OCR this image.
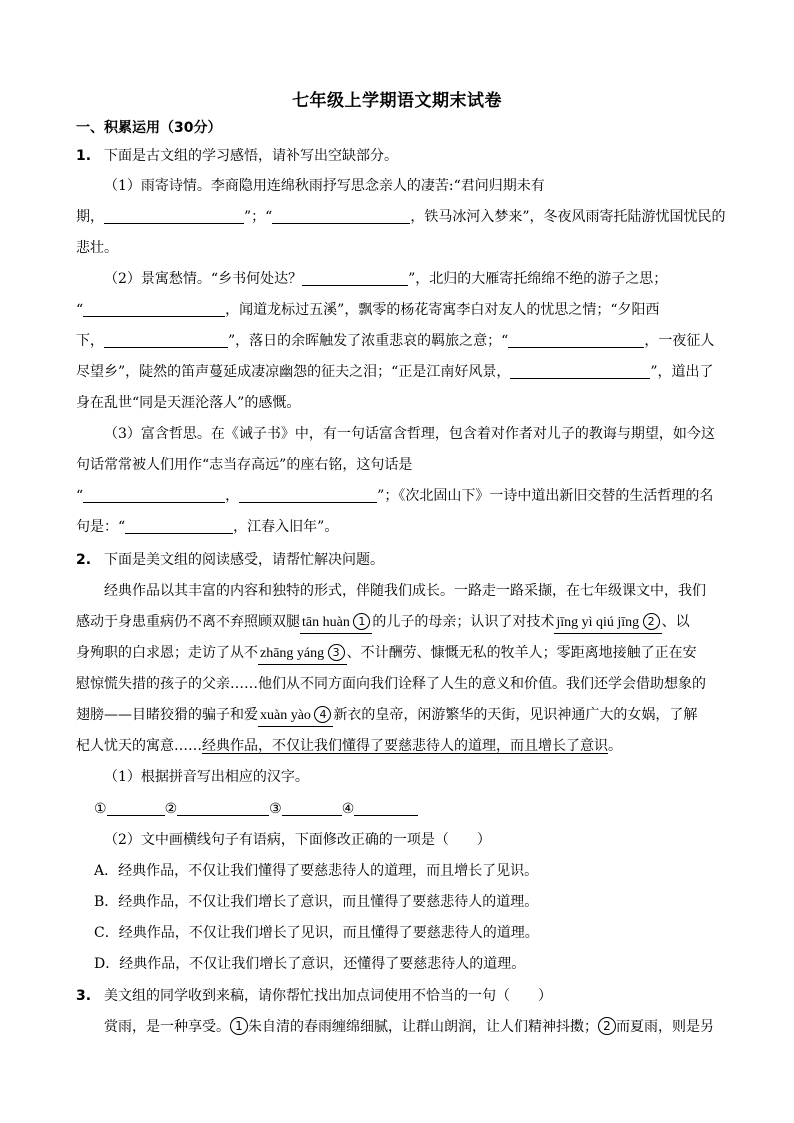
七年级上学期语文期末试卷
一、积累运用（30分）
1. 下面是古文组的学习感悟，请补写出空缺部分。
（1）雨寄诗情。李商隐用连绵秋雨抒写思念亲人的凄苦:“君问归期未有
期，	”；“	，铁马冰河入梦来”，冬夜风雨寄托陆游忧国忧民的
悲壮。
（2）景寓愁情。“乡书何处达？	”，北归的大雁寄托绵绵不绝的游子之思；
“	，闻道龙标过五溪”，飘零的杨花寄寓李白对友人的忧思之情；“夕阳西
下，	”，落日的余晖触发了浓重悲哀的羁旅之意；“	，一夜征人
尽望乡”，陡然的笛声蔓延成凄凉幽怨的征夫之泪；“正是江南好风景，	”，道出了
身在乱世“同是天涯沦落人”的感慨。
（3）富含哲思。在《诫子书》中，有一句话富含哲理，包含着对作者对儿子的教诲与期望，如今这
句话常常被人们用作“志当存高远”的座右铭，这句话是
“	，	”；《次北固山下》一诗中道出新旧交替的生活哲理的名
句是：“	，江春入旧年”。
2. 下面是美文组的阅读感受，请帮忙解决问题。
经典作品以其丰富的内容和独特的形式，伴随我们成长。一路走一路采撷，在七年级课文中，我们
感动于身患重病仍不离不弃照顾双腿 tān huàn 1 的儿子的母亲；认识了对技术 jīng yì qiú jīng 2 、以
身殉职的白求恩；走访了从不 zhāng yáng 3 、不计酬劳、慷慨无私的牧羊人；零距离地接触了正在安
慰惊慌失措的孩子的父亲……他们从不同方面向我们诠释了人生的意义和价值。我们还学会借助想象的
翅膀——目睹狡猾的骗子和爱 xuàn yào 4 新衣的皇帝，闲游繁华的天街，见识神通广大的女娲，了解
杞人忧天的寓意……经典作品，不仅让我们懂得了要慈悲待人的道理，而且增长了意识。
（1）根据拼音写出相应的汉字。
①	②	③	④
（2）文中画横线句子有语病，下面修改正确的一项是（　　）
A．经典作品，不仅让我们懂得了要慈悲待人的道理，而且增长了见识。
B．经典作品，不仅让我们增长了意识，而且懂得了要慈悲待人的道理。
C．经典作品，不仅让我们增长了见识，而且懂得了要慈悲待人的道理。
D．经典作品，不仅让我们增长了意识，还懂得了要慈悲待人的道理。
3. 美文组的同学收到来稿，请你帮忙找出加点词使用不恰当的一句（　　）
赏雨，是一种享受。 1 朱自清的春雨缠绵细腻，让群山朗润，让人们精神抖擞； 2 而夏雨，则是另
